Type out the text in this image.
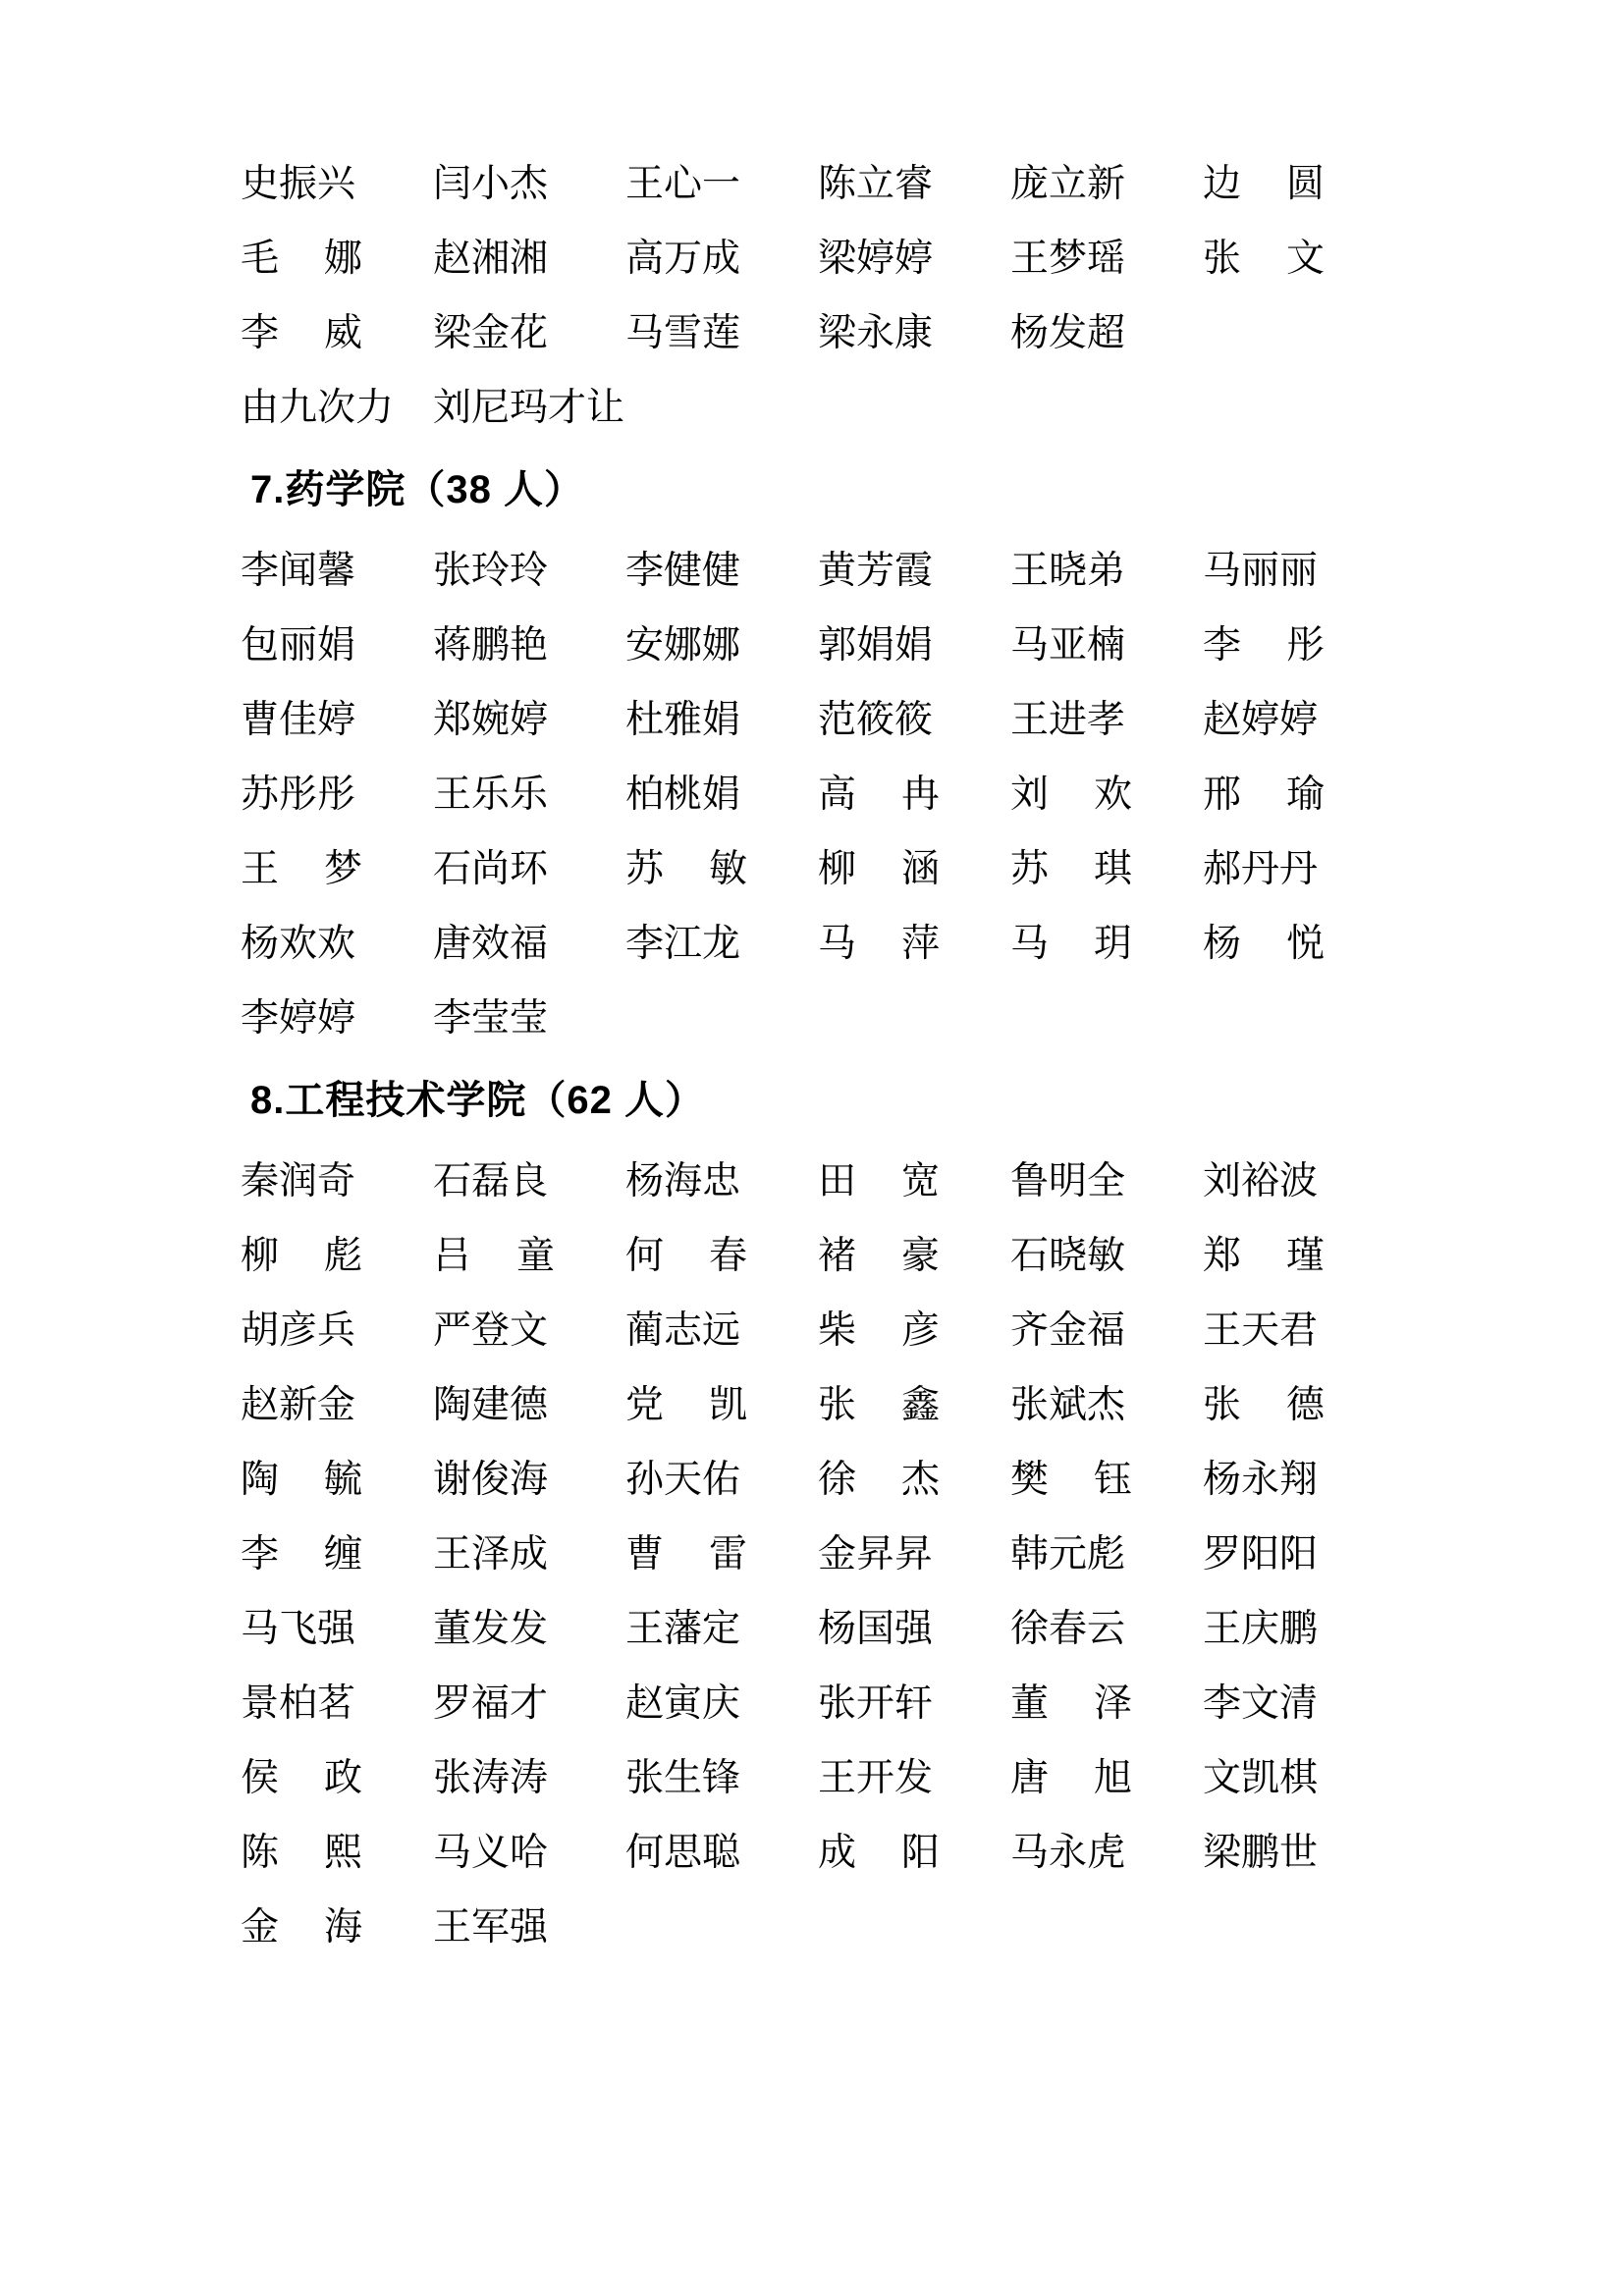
史振兴	闫小杰	王心一	陈立睿	庞立新	边圆
毛娜	赵湘湘	高万成	梁婷婷	王梦瑶	张文
李威	梁金花	马雪莲	梁永康	杨发超

由九次力	刘尼玛才让

7.药学院（38 人）
李闻馨	张玲玲	李健健	黄芳霞	王晓弟	马丽丽
包丽娟	蒋鹏艳	安娜娜	郭娟娟	马亚楠	李彤
曹佳婷	郑婉婷	杜雅娟	范筱筱	王进孝	赵婷婷
苏彤彤	王乐乐	柏桃娟	高冉	刘欢	邢瑜
王梦	石尚环	苏敏	柳涵	苏琪	郝丹丹
杨欢欢	唐效福	李江龙	马萍	马玥	杨悦
李婷婷	李莹莹

8.工程技术学院（62 人）
秦润奇	石磊良	杨海忠	田宽	鲁明全	刘裕波
柳彪	吕童	何春	褚豪	石晓敏	郑瑾
胡彦兵	严登文	蔺志远	柴彦	齐金福	王天君
赵新金	陶建德	党凯	张鑫	张斌杰	张德
陶毓	谢俊海	孙天佑	徐杰	樊钰	杨永翔
李缠	王泽成	曹雷	金昇昇	韩元彪	罗阳阳
马飞强	董发发	王藩定	杨国强	徐春云	王庆鹏
景柏茗	罗福才	赵寅庆	张开轩	董泽	李文清
侯政	张涛涛	张生锋	王开发	唐旭	文凯棋
陈熙	马义哈	何思聪	成阳	马永虎	梁鹏世
金海	王军强
